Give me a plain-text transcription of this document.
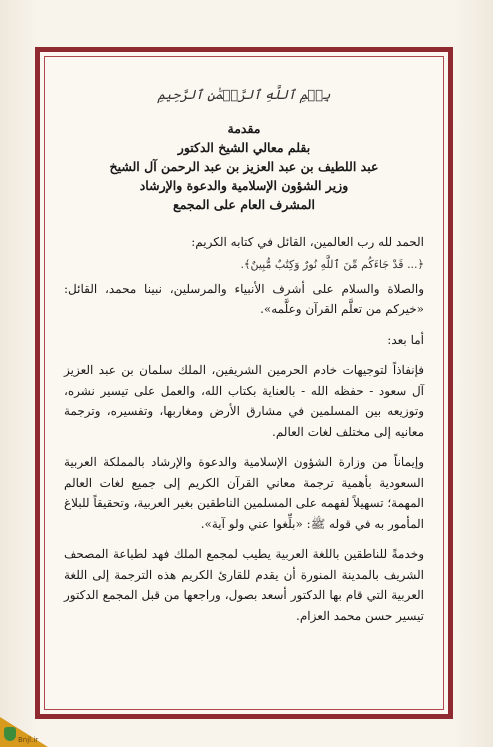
بِسۡمِ ٱللَّهِ ٱلرَّحۡمَٰنِ ٱلرَّحِيمِ
مقدمة
بقلم معالي الشيخ الدكتور
عبد اللطيف بن عبد العزيز بن عبد الرحمن آل الشيخ
وزير الشؤون الإسلامية والدعوة والإرشاد
المشرف العام على المجمع

الحمد لله رب العالمين، القائل في كتابه الكريم:

﴿... قَدْ جَاءَكُم مِّنَ ٱللَّهِ نُورٌ وَكِتَٰبٌ مُّبِينٌ﴾.

والصلاة والسلام على أشرف الأنبياء والمرسلين، نبينا محمد، القائل: «خيركم من تعلَّم القرآن وعلَّمه».

أما بعد:

فإنفاذاً لتوجيهات خادم الحرمين الشريفين، الملك سلمان بن عبد العزيز آل سعود - حفظه الله - بالعناية بكتاب الله، والعمل على تيسير نشره، وتوزيعه بين المسلمين في مشارق الأرض ومغاربها، وتفسيره، وترجمة معانيه إلى مختلف لغات العالم.

وإيماناً من وزارة الشؤون الإسلامية والدعوة والإرشاد بالمملكة العربية السعودية بأهمية ترجمة معاني القرآن الكريم إلى جميع لغات العالم المهمة؛ تسهيلاً لفهمه على المسلمين الناطقين بغير العربية، وتحقيقاً للبلاغ المأمور به في قوله ﷺ: «بلِّغوا عني ولو آية».

وخدمةً للناطقين باللغة العربية يطيب لمجمع الملك فهد لطباعة المصحف الشريف بالمدينة المنورة أن يقدم للقارئ الكريم هذه الترجمة إلى اللغة العربية التي قام بها الدكتور أسعد بصول، وراجعها من قبل المجمع الدكتور تيسير حسن محمد العزام.

Bnjl.ir
